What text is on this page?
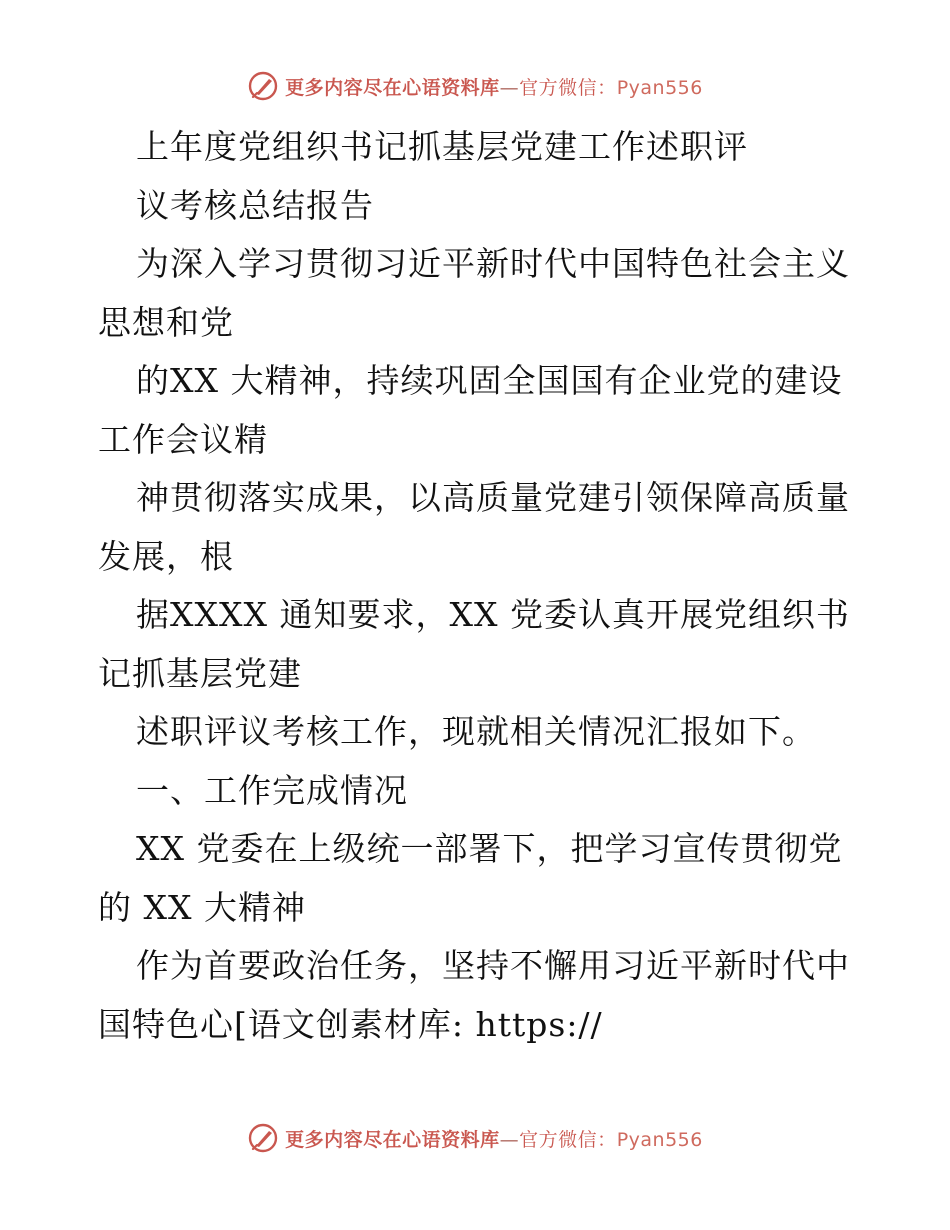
更多内容尽在心语资料库—官方微信：Pyan556
上年度党组织书记抓基层党建工作述职评
议考核总结报告
为深入学习贯彻习近平新时代中国特色社会主义
思想和党
的XX 大精神，持续巩固全国国有企业党的建设
工作会议精
神贯彻落实成果，以高质量党建引领保障高质量
发展，根
据XXXX 通知要求，XX 党委认真开展党组织书
记抓基层党建
述职评议考核工作，现就相关情况汇报如下。
一、工作完成情况
XX 党委在上级统一部署下，把学习宣传贯彻党
的 XX 大精神
作为首要政治任务，坚持不懈用习近平新时代中
国特色心[语文创素材库: https://
更多内容尽在心语资料库—官方微信：Pyan556
